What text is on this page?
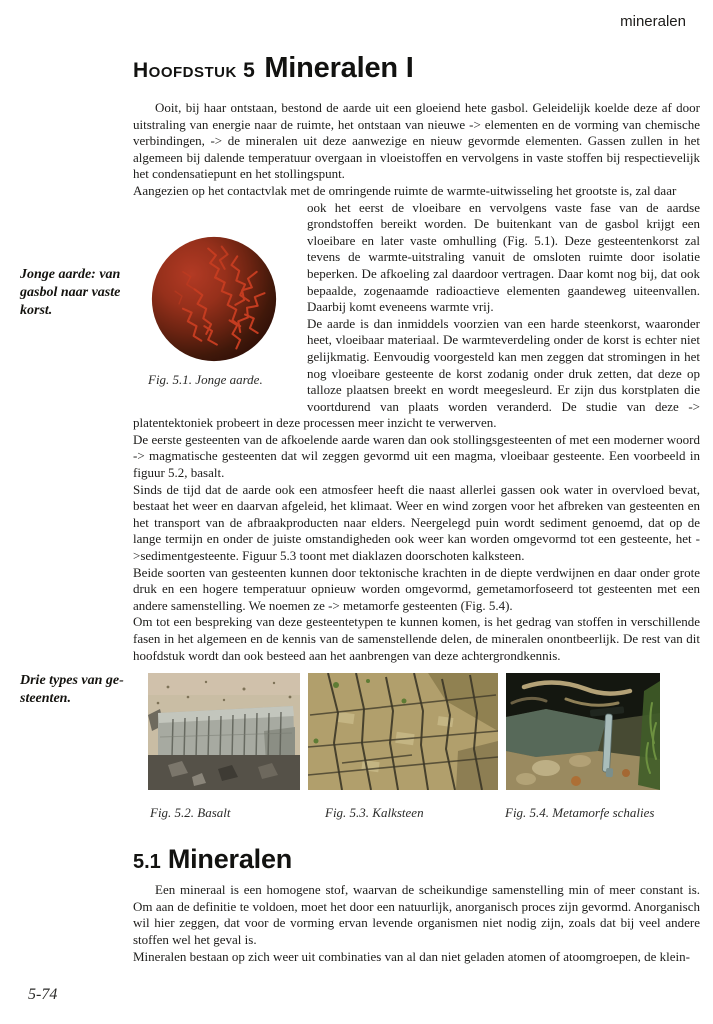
mineralen
Jonge aarde: van gasbol naar vaste korst.
Drie types van gesteenten.
Hoofdstuk 5 Mineralen I

Ooit, bij haar ontstaan, bestond de aarde uit een gloeiend hete gasbol. Geleidelijk koelde deze af door uitstraling van energie naar de ruimte, het ontstaan van nieuwe -> elementen en de vorming van chemische verbindingen, -> de mineralen uit deze aanwezige en nieuw gevormde elementen. Gassen zullen in het algemeen bij dalende temperatuur overgaan in vloeistoffen en vervolgens in vaste stoffen bij respectievelijk het condensatiepunt en het stollingspunt.

Aangezien op het contactvlak met de omringende ruimte de warmte-uitwisseling het grootste is, zal daar

Fig. 5.1. Jonge aarde.

ook het eerst de vloeibare en vervolgens vaste fase van de aardse grondstoffen bereikt worden. De buitenkant van de gasbol krijgt een vloeibare en later vaste omhulling (Fig. 5.1). Deze gesteentenkorst zal tevens de warmte-uitstraling vanuit de omsloten ruimte door isolatie beperken. De afkoeling zal daardoor vertragen. Daar komt nog bij, dat ook bepaalde, zogenaamde radioactieve elementen gaandeweg uiteenvallen. Daarbij komt eveneens warmte vrij.

De aarde is dan inmiddels voorzien van een harde steenkorst, waaronder heet, vloeibaar materiaal. De warmteverdeling onder de korst is echter niet gelijkmatig. Eenvoudig voorgesteld kan men zeggen dat stromingen in het nog vloeibare gesteente de korst zodanig onder druk zetten, dat deze op talloze plaatsen breekt en wordt meegesleurd. Er zijn dus korstplaten die voortdurend van plaats worden veranderd. De studie van deze -> platentektoniek probeert in deze processen meer inzicht te verwerven.

De eerste gesteenten van de afkoelende aarde waren dan ook stollingsgesteenten of met een moderner woord -> magmatische gesteenten dat wil zeggen gevormd uit een magma, vloeibaar gesteente. Een voorbeeld in figuur 5.2, basalt.

Sinds de tijd dat de aarde ook een atmosfeer heeft die naast allerlei gassen ook water in overvloed bevat, bestaat het weer en daarvan afgeleid, het klimaat. Weer en wind zorgen voor het afbreken van gesteenten en het transport van de afbraakproducten naar elders. Neergelegd puin wordt sediment genoemd, dat op de lange termijn en onder de juiste omstandigheden ook weer kan worden omgevormd tot een gesteente, het ->sedimentgesteente. Figuur 5.3 toont met diaklazen doorschoten kalksteen.

Beide soorten van gesteenten kunnen door tektonische krachten in de diepte verdwijnen en daar onder grote druk en een hogere temperatuur opnieuw worden omgevormd, gemetamorfoseerd tot gesteenten met een andere samenstelling. We noemen ze -> metamorfe gesteenten (Fig. 5.4).

Om tot een bespreking van deze gesteentetypen te kunnen komen, is het gedrag van stoffen in verschillende fasen in het algemeen en de kennis van de samenstellende delen, de mineralen onontbeerlijk. De rest van dit hoofdstuk wordt dan ook besteed aan het aanbrengen van deze achtergrondkennis.

Fig. 5.2. Basalt	Fig. 5.3. Kalksteen	Fig. 5.4. Metamorfe schalies
5.1 Mineralen

Een mineraal is een homogene stof, waarvan de scheikundige samenstelling min of meer constant is. Om aan de definitie te voldoen, moet het door een natuurlijk, anorganisch proces zijn gevormd. Anorganisch wil hier zeggen, dat voor de vorming ervan levende organismen niet nodig zijn, zoals dat bij veel andere stoffen wel het geval is.

Mineralen bestaan op zich weer uit combinaties van al dan niet geladen atomen of atoomgroepen, de klein-

5-74
